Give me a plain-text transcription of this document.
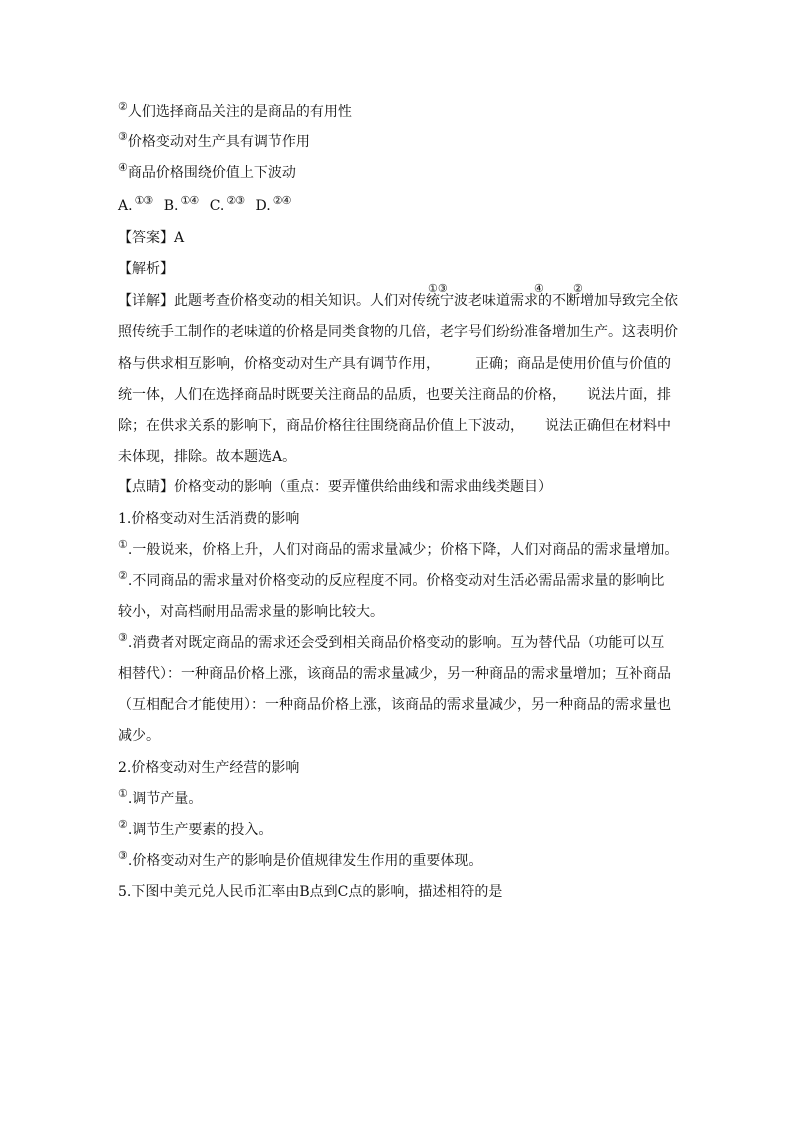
②人们选择商品关注的是商品的有用性
③价格变动对生产具有调节作用
④商品价格围绕价值上下波动
A. ①③ B. ①④ C. ②③ D. ②④
【答案】A
【解析】
①③	④	②
【详解】此题考查价格变动的相关知识。人们对传统宁波老味道需求的不断增加导致完全依
照传统手工制作的老味道的价格是同类食物的几倍，老字号们纷纷准备增加生产。这表明价
格与供求相互影响，价格变动对生产具有调节作用，　　　正确；商品是使用价值与价值的
统一体，人们在选择商品时既要关注商品的品质，也要关注商品的价格，　　说法片面，排
除；在供求关系的影响下，商品价格往往围绕商品价值上下波动，　　说法正确但在材料中
未体现，排除。故本题选A。
【点睛】价格变动的影响（重点：要弄懂供给曲线和需求曲线类题目）
1.价格变动对生活消费的影响
①.一般说来，价格上升，人们对商品的需求量减少；价格下降，人们对商品的需求量增加。
②.不同商品的需求量对价格变动的反应程度不同。价格变动对生活必需品需求量的影响比
较小，对高档耐用品需求量的影响比较大。
③.消费者对既定商品的需求还会受到相关商品价格变动的影响。互为替代品（功能可以互
相替代）：一种商品价格上涨，该商品的需求量减少，另一种商品的需求量增加；互补商品
（互相配合才能使用）：一种商品价格上涨，该商品的需求量减少，另一种商品的需求量也
减少。
2.价格变动对生产经营的影响
①.调节产量。
②.调节生产要素的投入。
③.价格变动对生产的影响是价值规律发生作用的重要体现。
5.下图中美元兑人民币汇率由B点到C点的影响，描述相符的是
